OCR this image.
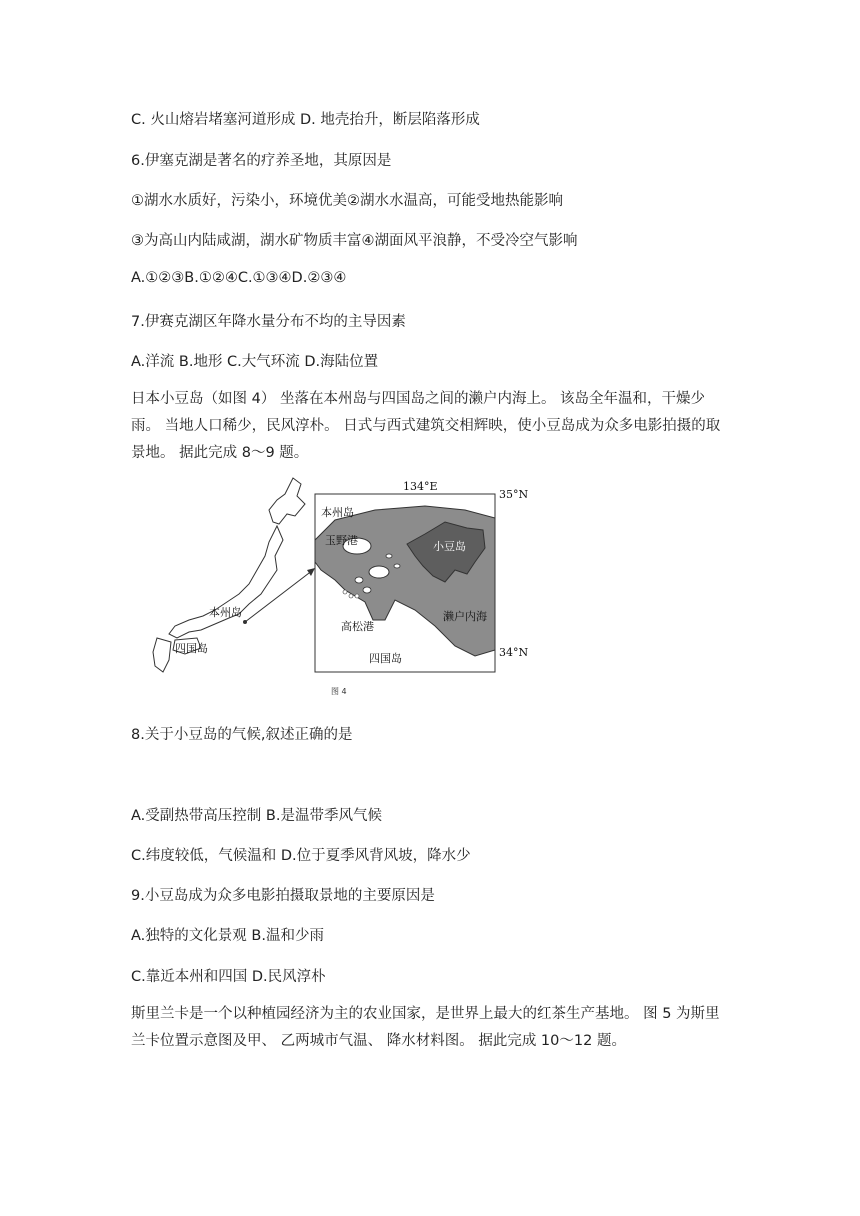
C. 火山熔岩堵塞河道形成 D. 地壳抬升，断层陷落形成
6.伊塞克湖是著名的疗养圣地，其原因是
①湖水水质好，污染小，环境优美②湖水水温高，可能受地热能影响
③为高山内陆咸湖，湖水矿物质丰富④湖面风平浪静，不受冷空气影响
A.①②③B.①②④C.①③④D.②③④
7.伊赛克湖区年降水量分布不均的主导因素
A.洋流 B.地形 C.大气环流 D.海陆位置
日本小豆岛（如图 4） 坐落在本州岛与四国岛之间的濑户内海上。 该岛全年温和，干燥少雨。 当地人口稀少，民风淳朴。 日式与西式建筑交相辉映，使小豆岛成为众多电影拍摄的取景地。 据此完成 8～9 题。
本州岛
四国岛
134°E
35°N
34°N
本州岛
玉野港	小豆岛
濑户内海
高松港
四国岛
图 4
8.关于小豆岛的气候,叙述正确的是
A.受副热带高压控制 B.是温带季风气候
C.纬度较低，气候温和 D.位于夏季风背风坡，降水少
9.小豆岛成为众多电影拍摄取景地的主要原因是
A.独特的文化景观 B.温和少雨
C.靠近本州和四国 D.民风淳朴
斯里兰卡是一个以种植园经济为主的农业国家，是世界上最大的红茶生产基地。 图 5 为斯里兰卡位置示意图及甲、 乙两城市气温、 降水材料图。 据此完成 10～12 题。
